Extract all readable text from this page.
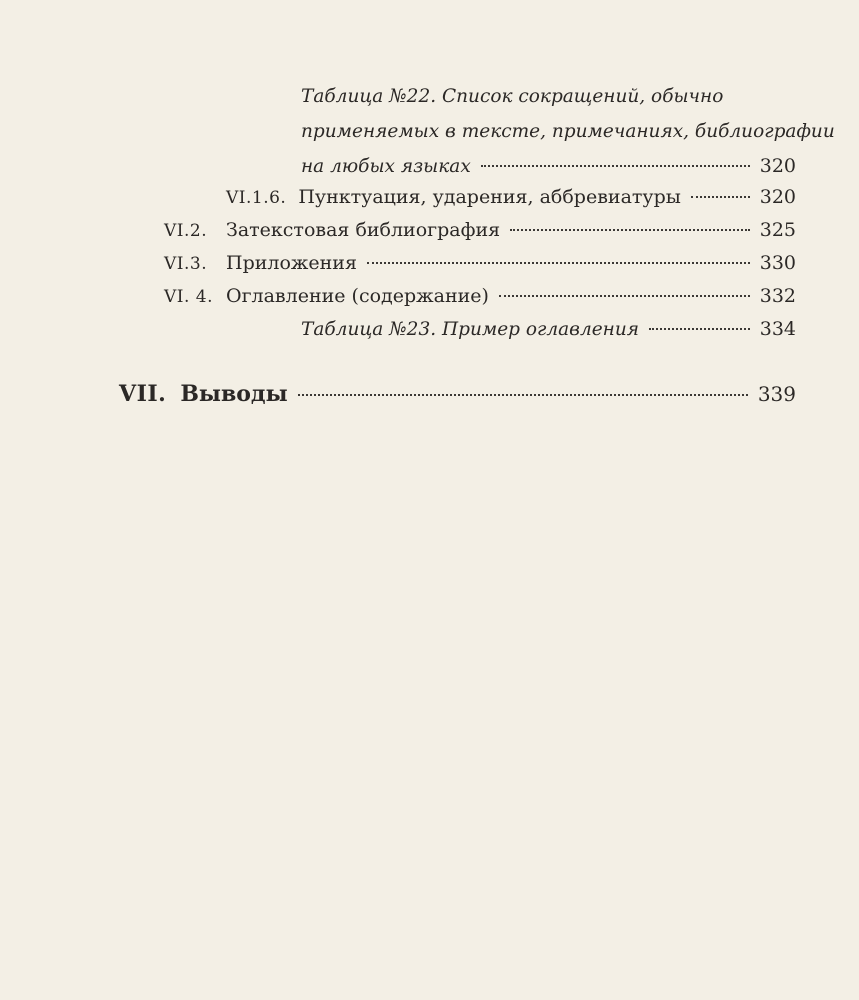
Таблица №22. Список сокращений, обычно
применяемых в тексте, примечаниях, библиографии
на любых языках	320
VI.1.6. Пунктуация, ударения, аббревиатуры	320
VI.2. Затекстовая библиография	325
VI.3. Приложения	330
VI. 4. Оглавление (содержание)	332
Таблица №23. Пример оглавления	334
VII. Выводы	339
